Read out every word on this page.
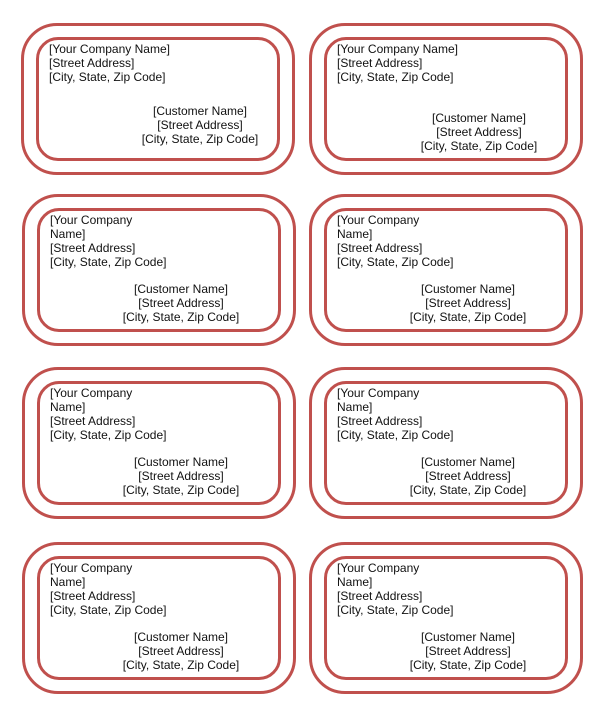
[Your Company Name]
[Street Address]
[City, State, Zip Code]
[Customer Name]
[Street Address]
[City, State, Zip Code]
[Your Company Name]
[Street Address]
[City, State, Zip Code]
[Customer Name]
[Street Address]
[City, State, Zip Code]
[Your Company Name]
[Street Address]
[City, State, Zip Code]
[Customer Name]
[Street Address]
[City, State, Zip Code]
[Your Company Name]
[Street Address]
[City, State, Zip Code]
[Customer Name]
[Street Address]
[City, State, Zip Code]
[Your Company Name]
[Street Address]
[City, State, Zip Code]
[Customer Name]
[Street Address]
[City, State, Zip Code]
[Your Company Name]
[Street Address]
[City, State, Zip Code]
[Customer Name]
[Street Address]
[City, State, Zip Code]
[Your Company Name]
[Street Address]
[City, State, Zip Code]
[Customer Name]
[Street Address]
[City, State, Zip Code]
[Your Company Name]
[Street Address]
[City, State, Zip Code]
[Customer Name]
[Street Address]
[City, State, Zip Code]
